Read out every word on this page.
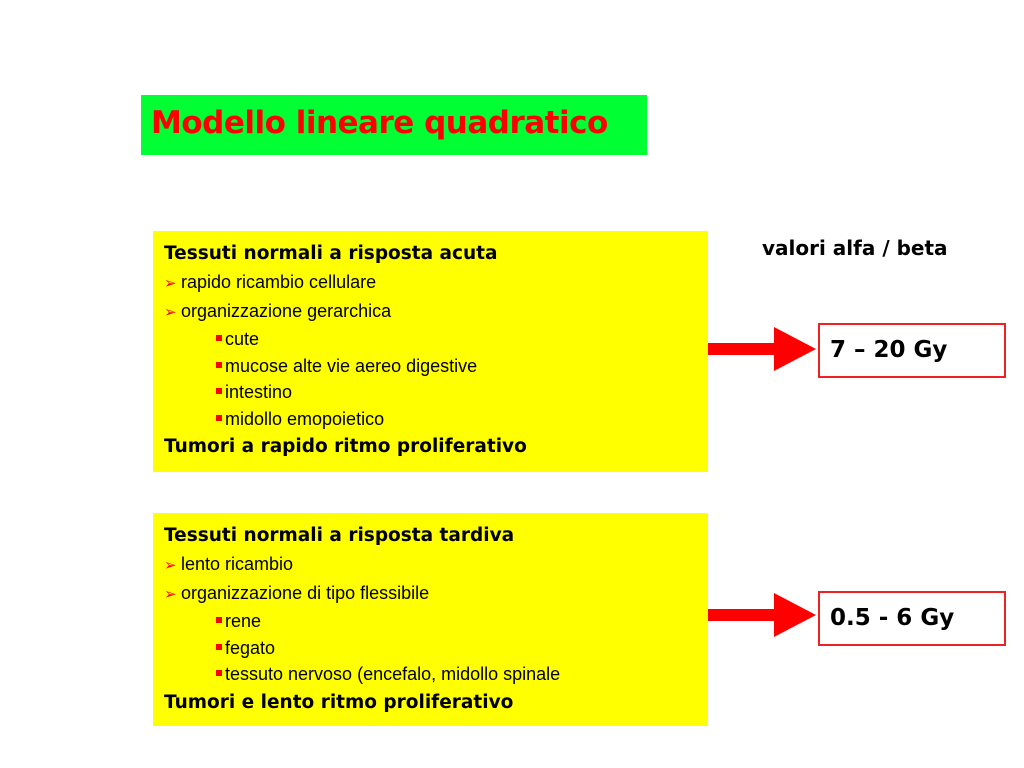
Modello lineare quadratico
valori alfa / beta
Tessuti normali a risposta acuta
➢ rapido ricambio cellulare
➢ organizzazione gerarchica
cute
mucose alte vie aereo digestive
intestino
midollo emopoietico
Tumori a rapido ritmo proliferativo
7 – 20 Gy
Tessuti normali a risposta tardiva
➢ lento ricambio
➢ organizzazione di tipo flessibile
rene
fegato
tessuto nervoso (encefalo, midollo spinale
Tumori e lento ritmo proliferativo
0.5 - 6 Gy
